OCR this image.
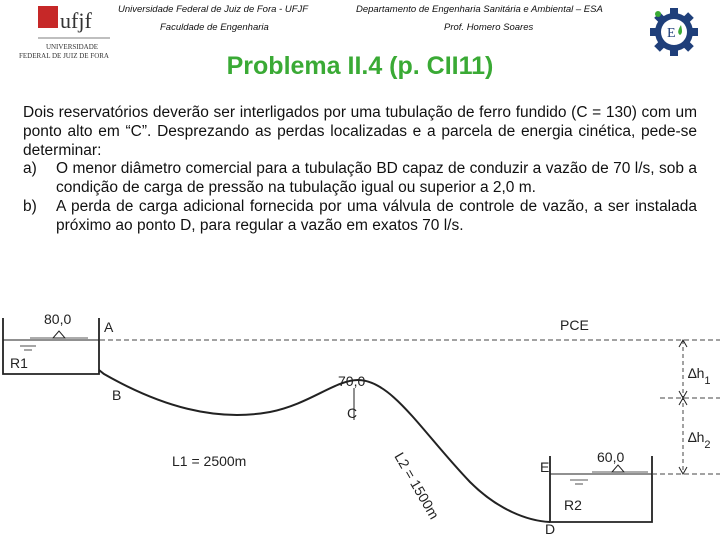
ufjf
UNIVERSIDADE
FEDERAL DE JUIZ DE FORA
Universidade Federal de Juiz de Fora - UFJF
Faculdade de Engenharia
Departamento de Engenharia Sanitária e Ambiental – ESA
Prof. Homero Soares	E
Problema II.4 (p. CII11)

Dois reservatórios deverão ser interligados por uma tubulação de ferro fundido (C = 130) com um ponto alto em “C”. Desprezando as perdas localizadas e a parcela de energia cinética, pede-se determinar:

a)	O menor diâmetro comercial para a tubulação BD capaz de conduzir a vazão de 70 l/s, sob a condição de carga de pressão na tubulação igual ou superior a 2,0 m.
b)	A perda de carga adicional fornecida por uma válvula de controle de vazão, a ser instalada próximo ao ponto D, para regular a vazão em exatos 70 l/s.
80,0 A
R1
PCE
B
70,0
C
L1 = 2500m	L2 = 1500m	E
60,0
R2
D
$\Delta h_1$
$\Delta h_2$
